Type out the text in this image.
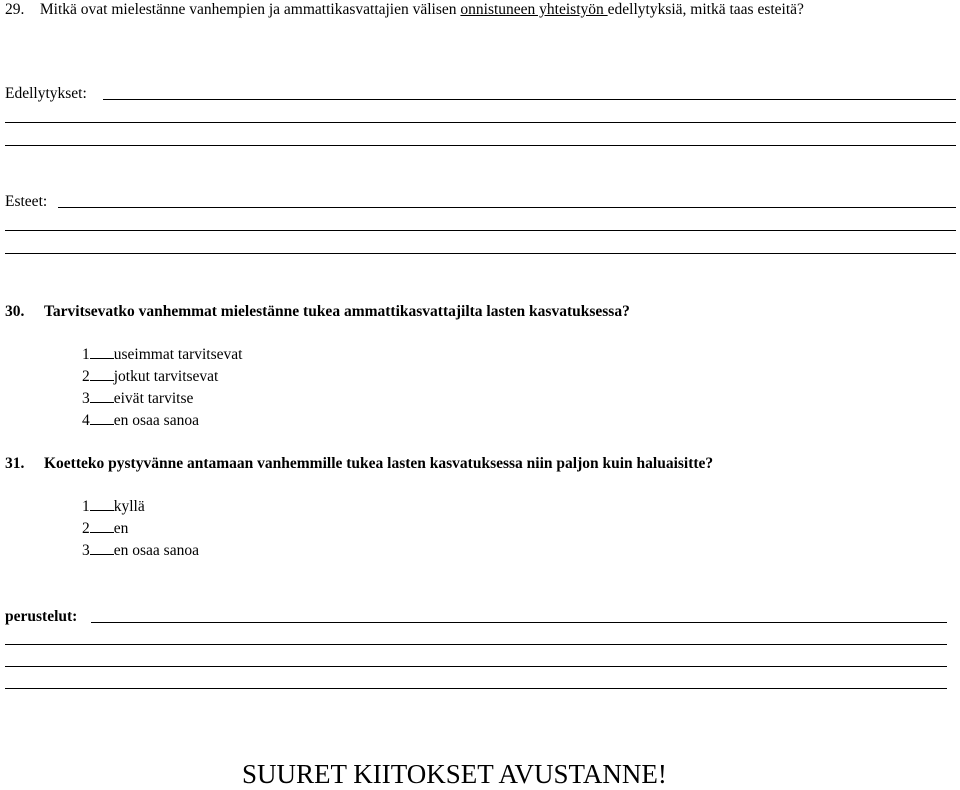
29. Mitkä ovat mielestänne vanhempien ja ammattikasvattajien välisen onnistuneen yhteistyön edellytyksiä, mitkä taas esteitä?
Edellytykset:
Esteet:
30. Tarvitsevatko vanhemmat mielestänne tukea ammattikasvattajilta lasten kasvatuksessa?
1 useimmat tarvitsevat
2 jotkut tarvitsevat
3 eivät tarvitse
4 en osaa sanoa
31. Koetteko pystyvänne antamaan vanhemmille tukea lasten kasvatuksessa niin paljon kuin haluaisitte?
1 kyllä
2 en
3 en osaa sanoa
perustelut:
SUURET KIITOKSET AVUSTANNE!
